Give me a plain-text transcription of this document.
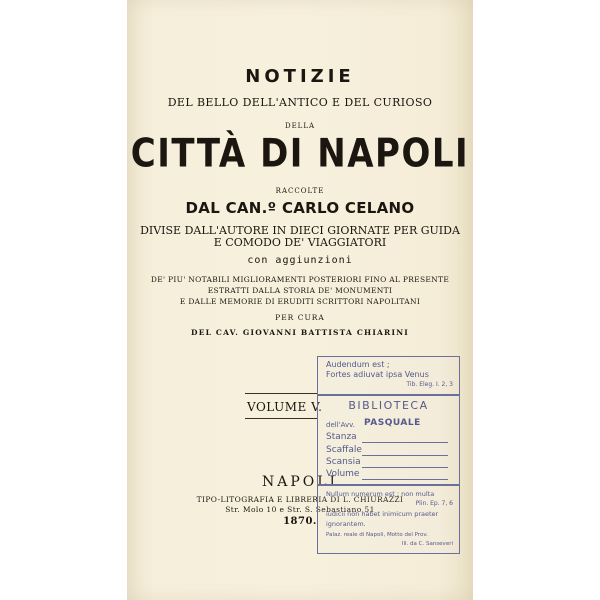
NOTIZIE
DEL BELLO DELL'ANTICO E DEL CURIOSO
DELLA
CITTÀ DI NAPOLI
RACCOLTE
DAL CAN.º CARLO CELANO
DIVISE DALL'AUTORE IN DIECI GIORNATE PER GUIDA
E COMODO DE' VIAGGIATORI
con aggiunzioni
DE' PIU' NOTABILI MIGLIORAMENTI POSTERIORI FINO AL PRESENTE
ESTRATTI DALLA STORIA DE' MONUMENTI
E DALLE MEMORIE DI ERUDITI SCRITTORI NAPOLITANI
PER CURA
DEL CAV. GIOVANNI BATTISTA CHIARINI
VOLUME V.
NAPOLI
TIPO-LITOGRAFIA E LIBRERIA DI L. CHIURAZZI
Str. Molo 10 e Str. S. Sebastiano 51
1870.
Audendum est ;
Fortes adiuvat ipsa Venus
Tib. Eleg. I. 2, 3
BIBLIOTECA
dell'Avv. PASQUALE
Stanza
Scaffale
Scansia
Volume
Nullum numerum est ; non multa
Plin. Ep. 7, 6
iudicii non habet inimicum praeter
ignorantem.
Palaz. reale di Napoli, Motto del Prov.
Ill. da C. Sanseveri
